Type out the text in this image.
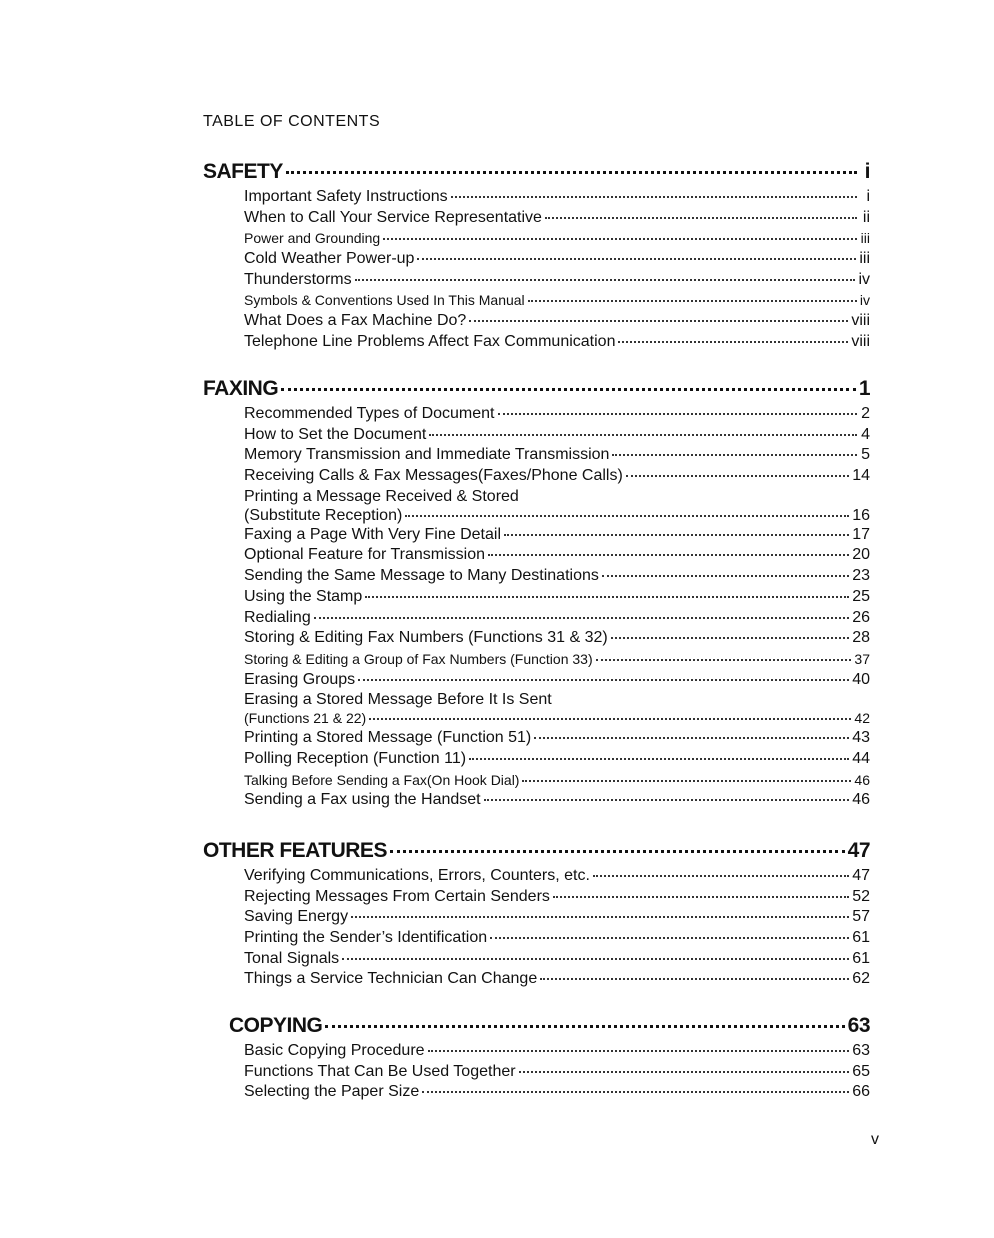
TABLE OF CONTENTS
SAFETY	i
Important Safety Instructions	i
When to Call Your Service Representative	ii
Power and Grounding	iii
Cold Weather Power-up	iii
Thunderstorms	iv
Symbols & Conventions Used In This Manual	iv
What Does a Fax Machine Do?	viii
Telephone Line Problems Affect Fax Communication	viii
FAXING	1
Recommended Types of Document	2
How to Set the Document	4
Memory Transmission and Immediate Transmission	5
Receiving Calls & Fax Messages(Faxes/Phone Calls)	14
Printing a Message Received & Stored
(Substitute Reception)	16
Faxing a Page With Very Fine Detail	17
Optional Feature for Transmission	20
Sending the Same Message to Many Destinations	23
Using the Stamp	25
Redialing	26
Storing & Editing Fax Numbers (Functions 31 & 32)	28
Storing & Editing a Group of Fax Numbers (Function 33)	37
Erasing Groups	40
Erasing a Stored Message Before It Is Sent
(Functions 21 & 22)	42
Printing a Stored Message (Function 51)	43
Polling Reception (Function 11)	44
Talking Before Sending a Fax(On Hook Dial)	46
Sending a Fax using the Handset	46
OTHER FEATURES	47
Verifying Communications, Errors, Counters, etc.	47
Rejecting Messages From Certain Senders	52
Saving Energy	57
Printing the Sender’s Identification	61
Tonal Signals	61
Things a Service Technician Can Change	62
COPYING	63
Basic Copying Procedure	63
Functions That Can Be Used Together	65
Selecting the Paper Size	66
v
